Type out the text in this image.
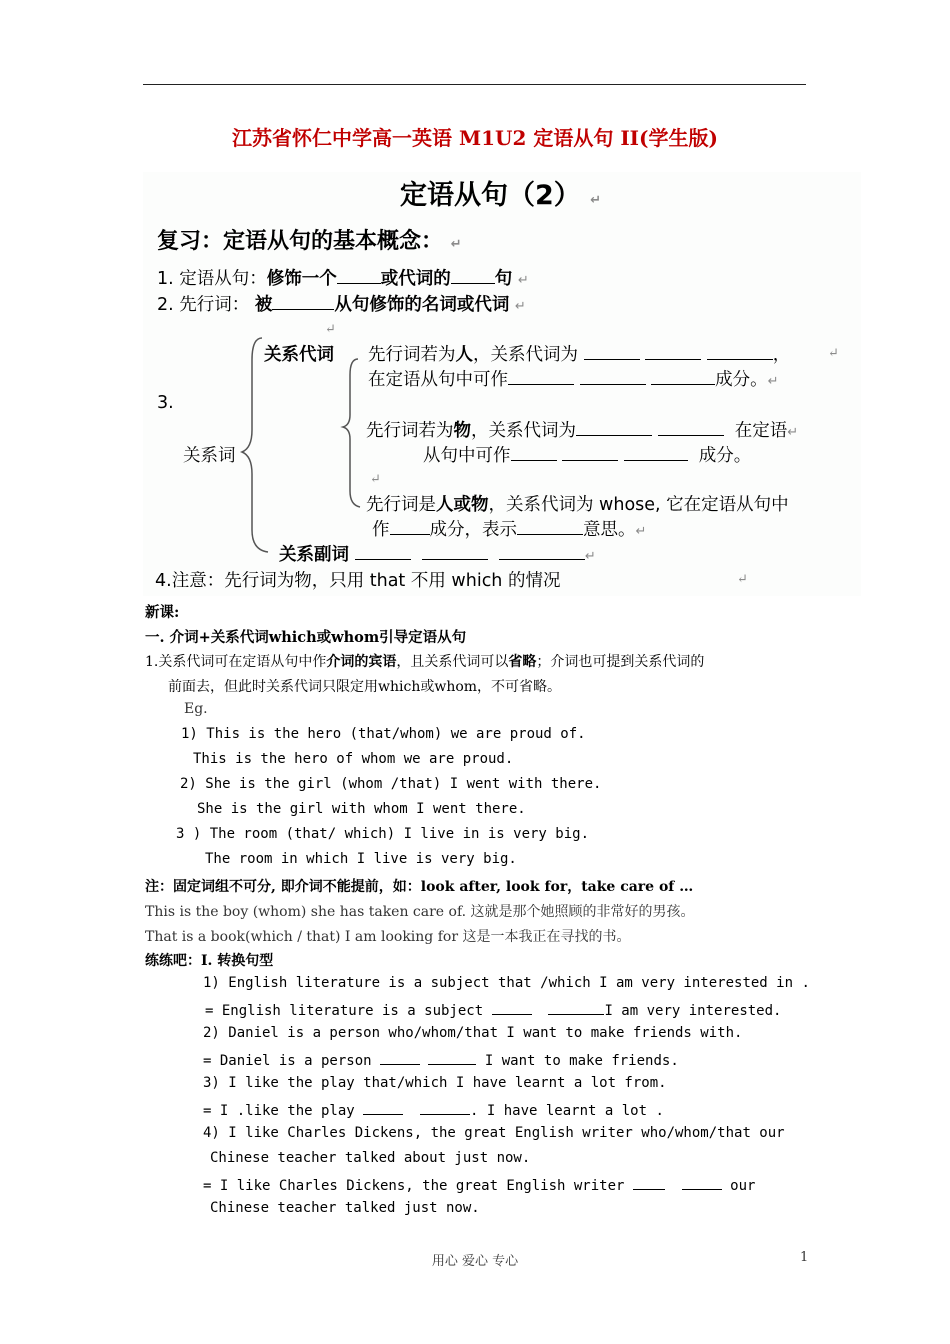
江苏省怀仁中学高一英语 M1U2 定语从句 II(学生版)
定语从句（2） ↵
复习：定语从句的基本概念： ↵
1. 定语从句：修饰一个	或代词的	句 ↵
2. 先行词： 被	从句修饰的名词或代词 ↵
↵
3.
关系词
关系代词 先行词若为人，关系代词为	，	↵
在定语从句中可作	成分。↵
先行词若为物，关系代词为	在定语↵
从句中可作	成分。
↵
先行词是人或物，关系代词为 whose, 它在定语从句中
作 成分，表示	意思。↵
关系副词	↵
4.注意：先行词为物，只用 that 不用 which 的情况	↵
新课:
一. 介词+关系代词which或whom引导定语从句
1.关系代词可在定语从句中作介词的宾语，且关系代词可以省略；介词也可提到关系代词的
前面去，但此时关系代词只限定用which或whom，不可省略。
Eg.
1) This is the hero (that/whom) we are proud of.
This is the hero of whom we are proud.
2) She is the girl (whom /that) I went with there.
She is the girl with whom I went there.
3 ) The room (that/ which) I live in is very big.
The room in which I live is very big.
注：固定词组不可分, 即介词不能提前，如：look after, look for，take care of …
This is the boy (whom) she has taken care of. 这就是那个她照顾的非常好的男孩。
That is a book(which / that) I am looking for 这是一本我正在寻找的书。
练练吧：I. 转换句型
1) English literature is a subject that /which I am very interested in .
= English literature is a subject	I am very interested.
2) Daniel is a person who/whom/that I want to make friends with.
= Daniel is a person	I want to make friends.
3) I like the play that/which I have learnt a lot from.
= I .like the play	. I have learnt a lot .
4) I like Charles Dickens, the great English writer who/whom/that our
Chinese teacher talked about just now.
= I like Charles Dickens, the great English writer	our
Chinese teacher talked just now.
用心 爱心 专心	1
